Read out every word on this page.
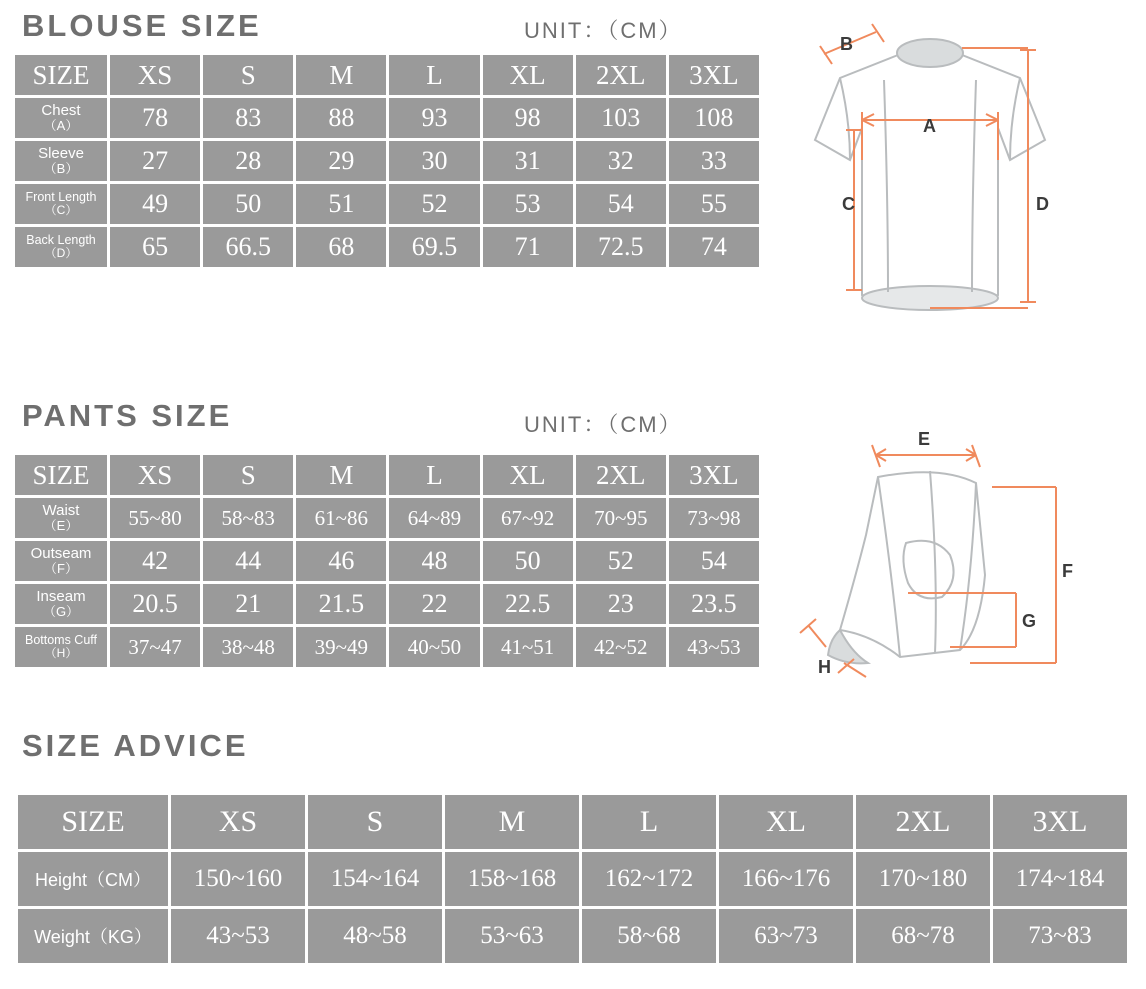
BLOUSE SIZE	UNIT：（CM）
SIZE	XS	S	M	L	XL	2XL	3XL

Chest
（A）	78	83	88	93	98	103	108

Sleeve
（B）	27	28	29	30	31	32	33

Front Length
（C）	49	50	51	52	53	54	55

Back Length
（D）	65	66.5	68	69.5	71	72.5	74
B
A
C	D
PANTS SIZE	UNIT：（CM）
SIZE	XS	S	M	L	XL	2XL	3XL

Waist
（E）	55~80	58~83	61~86	64~89	67~92	70~95	73~98

Outseam
（F）	42	44	46	48	50	52	54

Inseam
（G）	20.5	21	21.5	22	22.5	23	23.5

Bottoms Cuff
（H）	37~47	38~48	39~49	40~50	41~51	42~52	43~53
E
F
G
H
SIZE ADVICE
SIZE	XS	S	M	L	XL	2XL	3XL
Height（CM）	150~160	154~164	158~168	162~172	166~176	170~180	174~184
Weight（KG）	43~53	48~58	53~63	58~68	63~73	68~78	73~83
